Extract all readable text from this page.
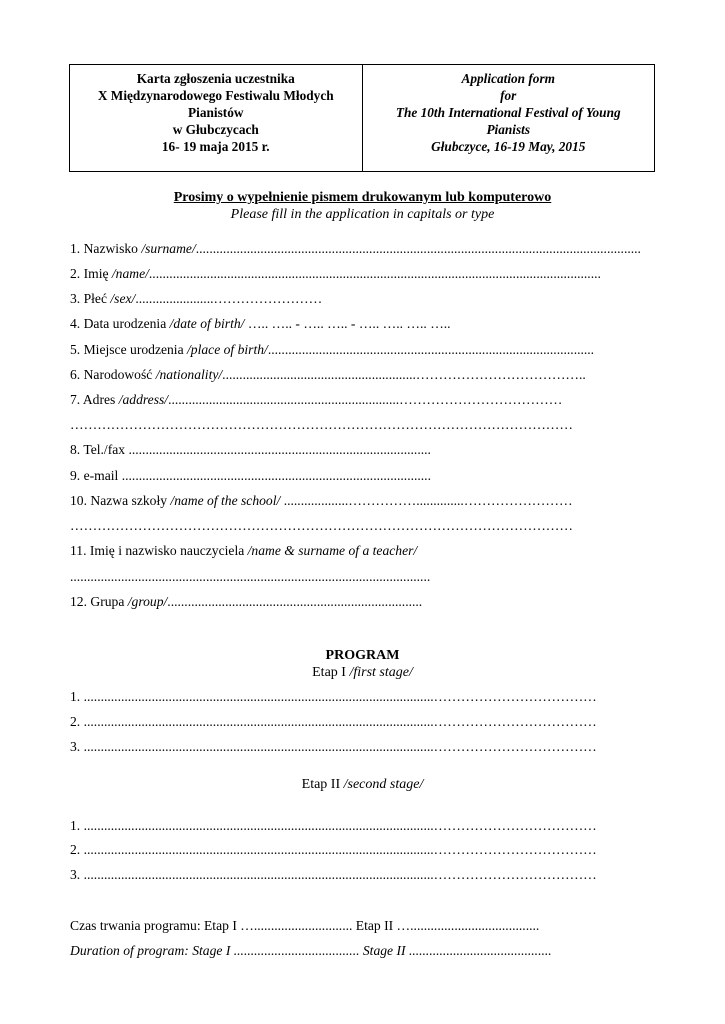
Karta zgłoszenia uczestnika
X Międzynarodowego Festiwalu Młodych
Pianistów
w Głubczycach
16- 19 maja 2015 r.
Application form
for
The 10th International Festival of Young
Pianists
Głubczyce, 16-19 May, 2015
Prosimy o wypełnienie pismem drukowanym lub komputerowo
Please fill in the application in capitals or type
1. Nazwisko /surname/...................................................................................................................................
2. Imię /name/.....................................................................................................................................
3. Płeć /sex/.......................……………………
4. Data urodzenia /date of birth/ ….. ….. - ….. ….. - ….. ….. ….. …..
5. Miejsce urodzenia /place of birth/................................................................................................
6. Narodowość /nationality/.........................................................………………………………..
7. Adres /address/....................................................................………………………………
…………………………………………………………………………………………………
8. Tel./fax .........................................................................................
9. e-mail ...........................................................................................
10. Nazwa szkoły /name of the school/ ...................……………..............……………………
…………………………………………………………………………………………………
11. Imię i nazwisko nauczyciela /name & surname of a teacher/
..........................................................................................................
12. Grupa /group/...........................................................................
PROGRAM
Etap I /first stage/
1. .......................................................................................................………………………………
2. .......................................................................................................………………………………
3. .......................................................................................................………………………………
Etap II /second stage/
1. .......................................................................................................………………………………
2. .......................................................................................................………………………………
3. .......................................................................................................………………………………
Czas trwania programu: Etap I …............................. Etap II …......................................
Duration of program: Stage I ..................................... Stage II ..........................................
